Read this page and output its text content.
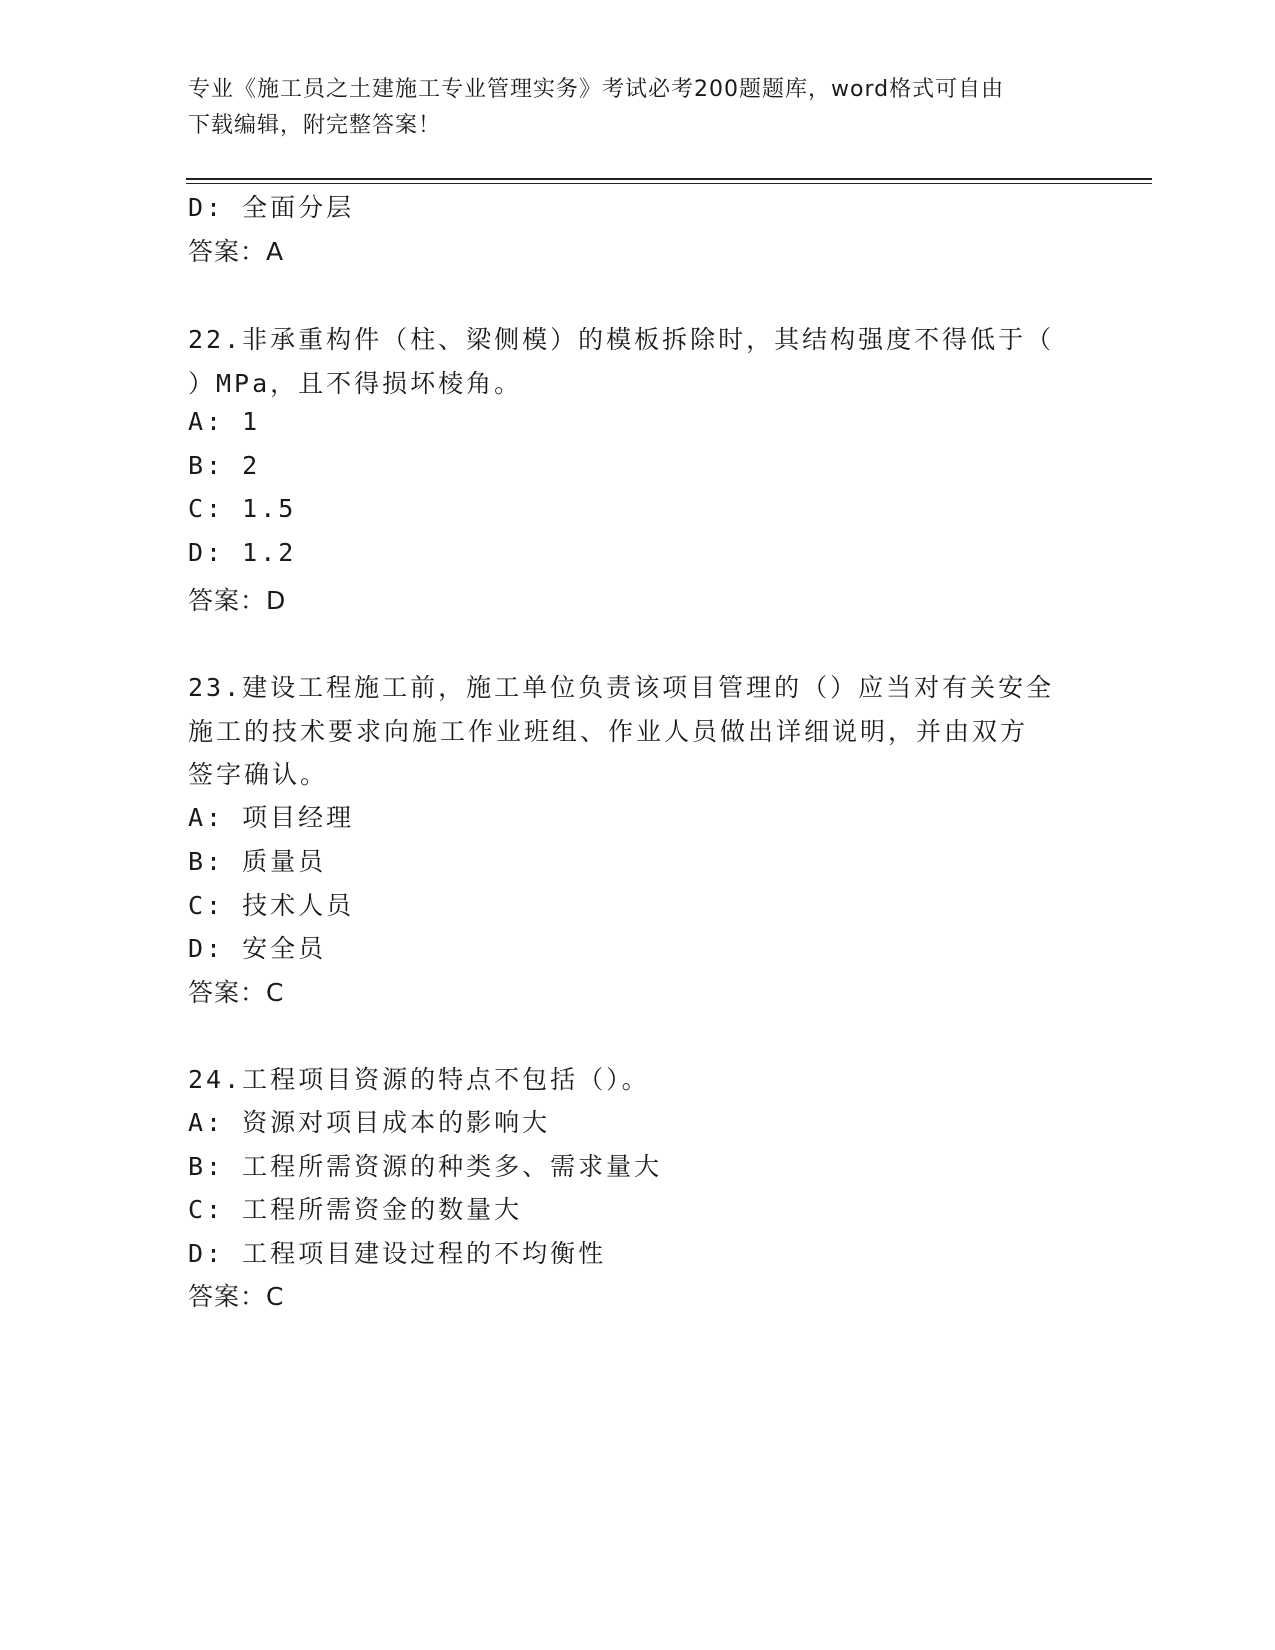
专业《施工员之土建施工专业管理实务》考试必考200题题库，word格式可自由
下载编辑，附完整答案！
D: 全面分层
答案：A
22.非承重构件（柱、梁侧模）的模板拆除时，其结构强度不得低于（
）MPa，且不得损坏棱角。
A: 1
B: 2
C: 1.5
D: 1.2
答案：D
23.建设工程施工前，施工单位负责该项目管理的（）应当对有关安全
施工的技术要求向施工作业班组、作业人员做出详细说明，并由双方
签字确认。
A: 项目经理
B: 质量员
C: 技术人员
D: 安全员
答案：C
24.工程项目资源的特点不包括（）。
A: 资源对项目成本的影响大
B: 工程所需资源的种类多、需求量大
C: 工程所需资金的数量大
D: 工程项目建设过程的不均衡性
答案：C
